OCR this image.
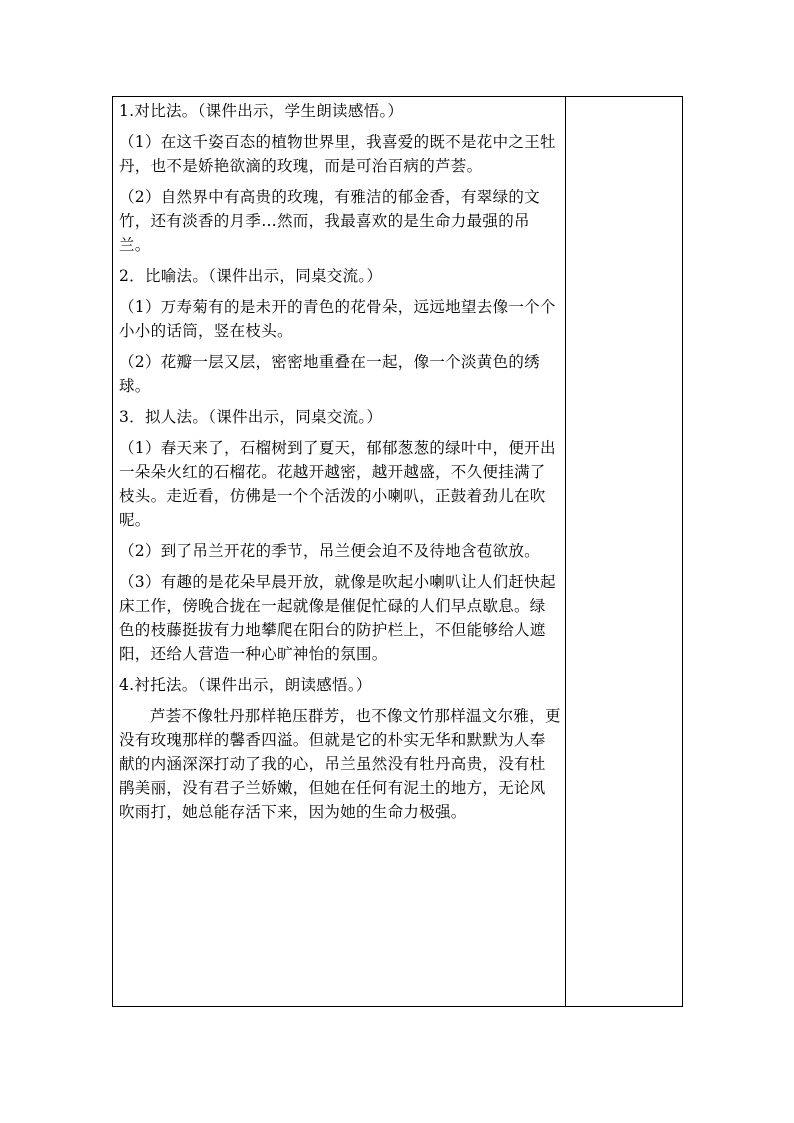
1.对比法。（课件出示，学生朗读感悟。）

（1）在这千姿百态的植物世界里，我喜爱的既不是花中之王牡丹，也不是娇艳欲滴的玫瑰，而是可治百病的芦荟。

（2）自然界中有高贵的玫瑰，有雅洁的郁金香，有翠绿的文竹，还有淡香的月季…然而，我最喜欢的是生命力最强的吊兰。

2．比喻法。（课件出示，同桌交流。）

（1）万寿菊有的是未开的青色的花骨朵，远远地望去像一个个小小的话筒，竖在枝头。

（2）花瓣一层又层，密密地重叠在一起，像一个淡黄色的绣球。

3．拟人法。（课件出示，同桌交流。）

（1）春天来了，石榴树到了夏天，郁郁葱葱的绿叶中，便开出一朵朵火红的石榴花。花越开越密，越开越盛，不久便挂满了枝头。走近看，仿佛是一个个活泼的小喇叭，正鼓着劲儿在吹呢。

（2）到了吊兰开花的季节，吊兰便会迫不及待地含苞欲放。

（3）有趣的是花朵早晨开放，就像是吹起小喇叭让人们赶快起床工作，傍晚合拢在一起就像是催促忙碌的人们早点歇息。绿色的枝藤挺拔有力地攀爬在阳台的防护栏上，不但能够给人遮阳，还给人营造一种心旷神怡的氛围。

4.衬托法。（课件出示，朗读感悟。）

芦荟不像牡丹那样艳压群芳，也不像文竹那样温文尔雅，更没有玫瑰那样的馨香四溢。但就是它的朴实无华和默默为人奉献的内涵深深打动了我的心，吊兰虽然没有牡丹高贵，没有杜鹃美丽，没有君子兰娇嫩，但她在任何有泥土的地方，无论风吹雨打，她总能存活下来，因为她的生命力极强。
